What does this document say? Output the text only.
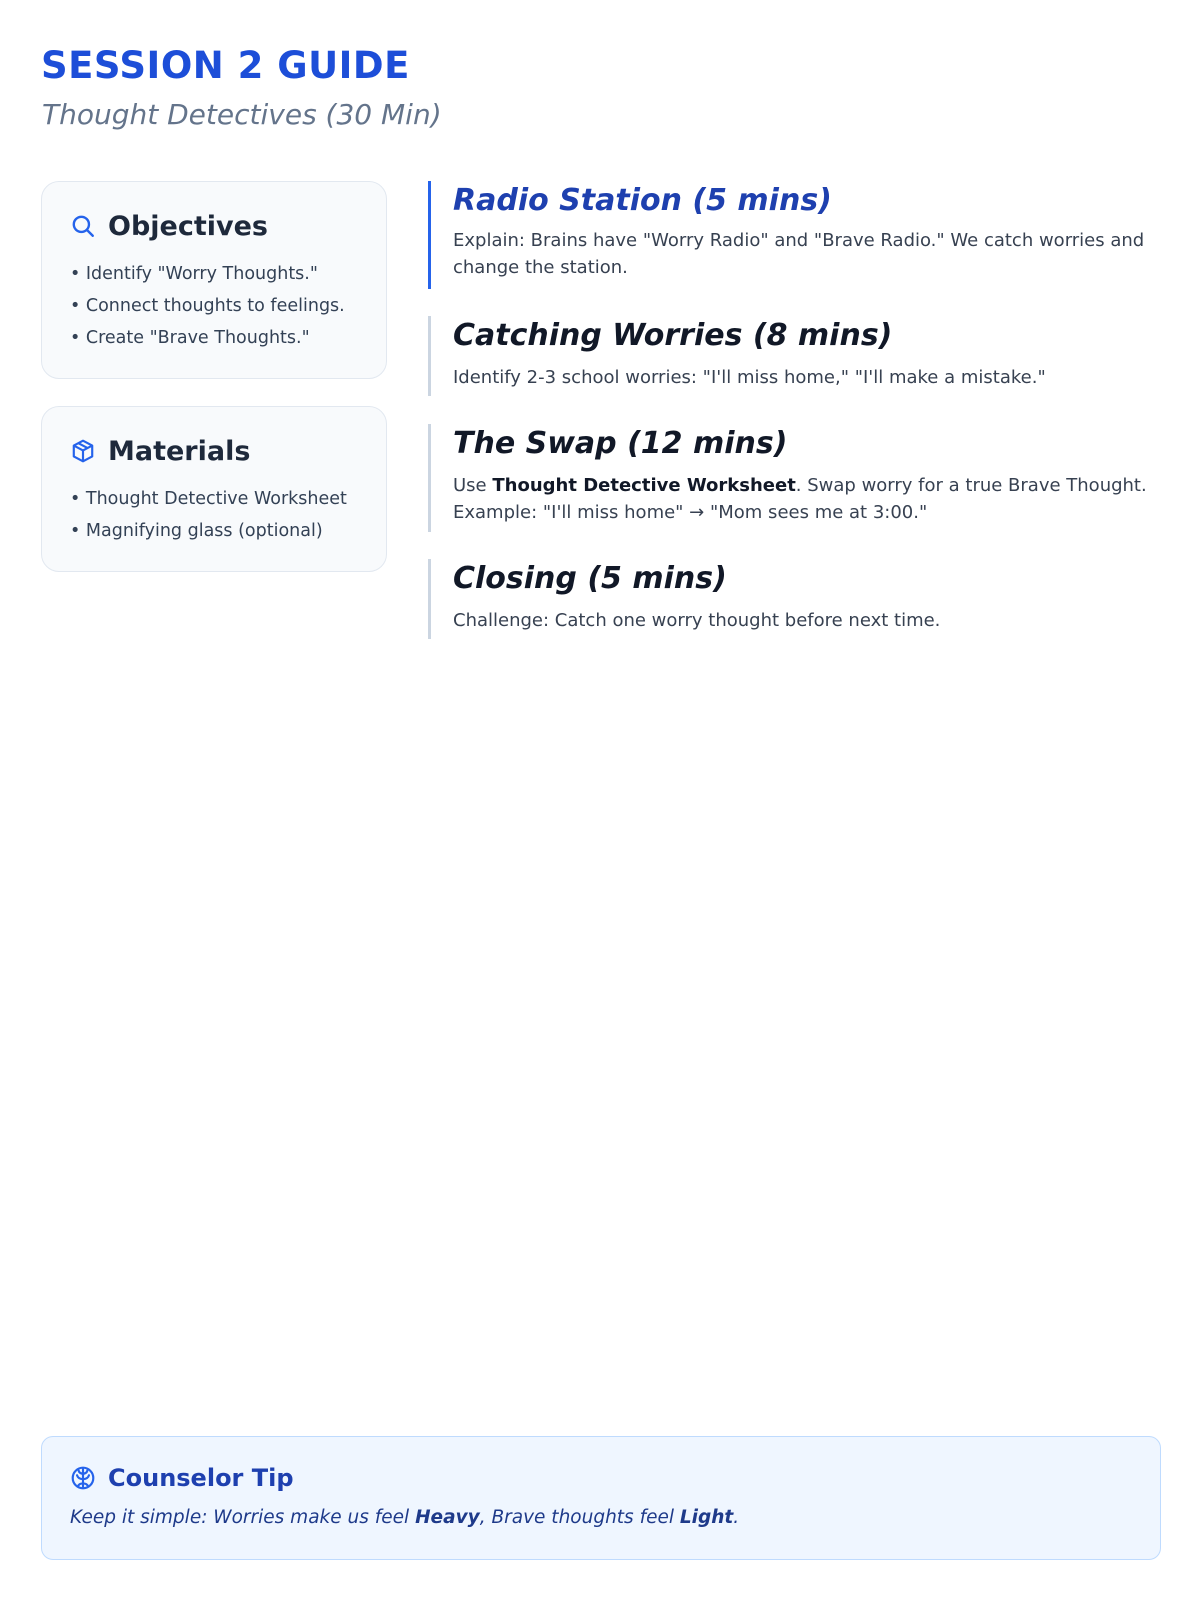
SESSION 2 GUIDE
Thought Detectives (30 Min)
Objectives
• Identify "Worry Thoughts."
• Connect thoughts to feelings.
• Create "Brave Thoughts."
Materials
• Thought Detective Worksheet
• Magnifying glass (optional)
Radio Station (5 mins)
Explain: Brains have "Worry Radio" and "Brave Radio." We catch worries and change the station.
Catching Worries (8 mins)
Identify 2-3 school worries: "I'll miss home," "I'll make a mistake."
The Swap (12 mins)
Use Thought Detective Worksheet. Swap worry for a true Brave Thought.
Example: "I'll miss home" → "Mom sees me at 3:00."
Closing (5 mins)
Challenge: Catch one worry thought before next time.
Counselor Tip
Keep it simple: Worries make us feel Heavy, Brave thoughts feel Light.
